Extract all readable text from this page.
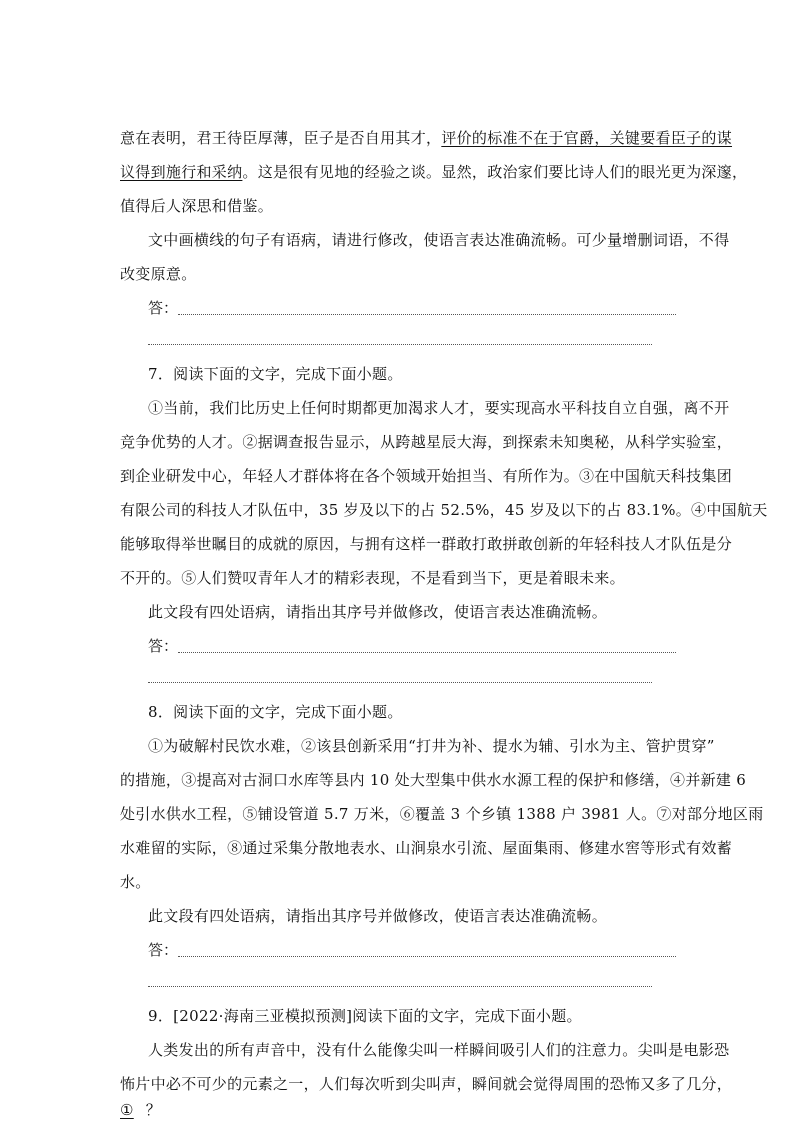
意在表明，君王待臣厚薄，臣子是否自用其才，评价的标准不在于官爵，关键要看臣子的谋
议得到施行和采纳。这是很有见地的经验之谈。显然，政治家们要比诗人们的眼光更为深邃，
值得后人深思和借鉴。
文中画横线的句子有语病，请进行修改，使语言表达准确流畅。可少量增删词语，不得
改变原意。
答：
7．阅读下面的文字，完成下面小题。
①当前，我们比历史上任何时期都更加渴求人才，要实现高水平科技自立自强，离不开
竞争优势的人才。②据调查报告显示，从跨越星辰大海，到探索未知奥秘，从科学实验室，
到企业研发中心，年轻人才群体将在各个领域开始担当、有所作为。③在中国航天科技集团
有限公司的科技人才队伍中，35 岁及以下的占 52.5%，45 岁及以下的占 83.1%。④中国航天
能够取得举世瞩目的成就的原因，与拥有这样一群敢打敢拼敢创新的年轻科技人才队伍是分
不开的。⑤人们赞叹青年人才的精彩表现，不是看到当下，更是着眼未来。
此文段有四处语病，请指出其序号并做修改，使语言表达准确流畅。
答：
8．阅读下面的文字，完成下面小题。
①为破解村民饮水难，②该县创新采用“打井为补、提水为辅、引水为主、管护贯穿”
的措施，③提高对古洞口水库等县内 10 处大型集中供水水源工程的保护和修缮，④并新建 6
处引水供水工程，⑤铺设管道 5.7 万米，⑥覆盖 3 个乡镇 1388 户 3981 人。⑦对部分地区雨
水难留的实际，⑧通过采集分散地表水、山涧泉水引流、屋面集雨、修建水窖等形式有效蓄
水。
此文段有四处语病，请指出其序号并做修改，使语言表达准确流畅。
答：
9．[2022·海南三亚模拟预测]阅读下面的文字，完成下面小题。
人类发出的所有声音中，没有什么能像尖叫一样瞬间吸引人们的注意力。尖叫是电影恐
怖片中必不可少的元素之一，人们每次听到尖叫声，瞬间就会觉得周围的恐怖又多了几分，
① ？
